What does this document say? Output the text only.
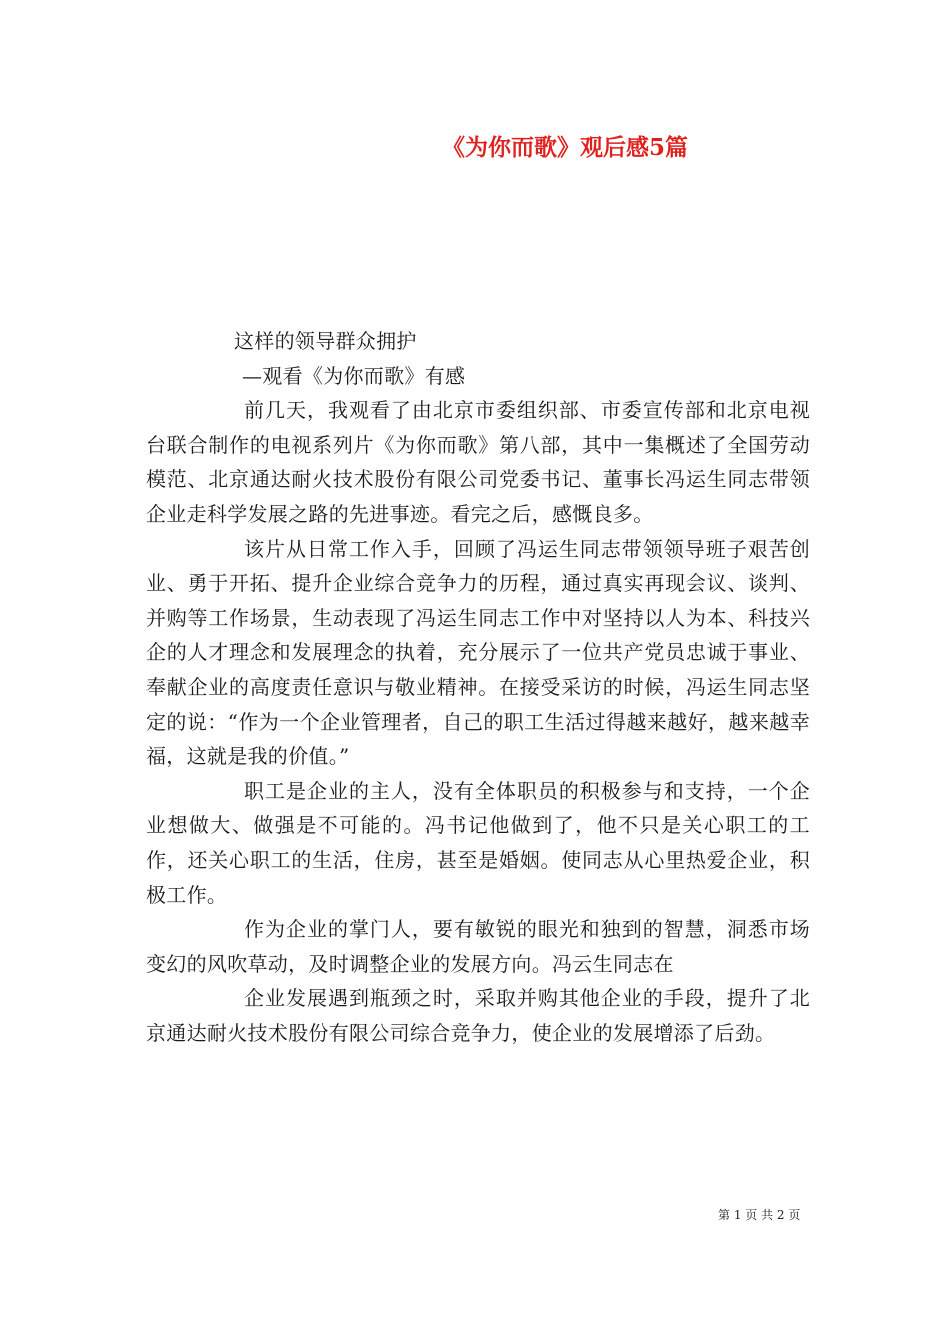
《为你而歌》观后感5篇

这样的领导群众拥护

—观看《为你而歌》有感

前几天，我观看了由北京市委组织部、市委宣传部和北京电视台联合制作的电视系列片《为你而歌》第八部，其中一集概述了全国劳动模范、北京通达耐火技术股份有限公司党委书记、董事长冯运生同志带领企业走科学发展之路的先进事迹。看完之后，感慨良多。

该片从日常工作入手，回顾了冯运生同志带领领导班子艰苦创业、勇于开拓、提升企业综合竞争力的历程，通过真实再现会议、谈判、并购等工作场景，生动表现了冯运生同志工作中对坚持以人为本、科技兴企的人才理念和发展理念的执着，充分展示了一位共产党员忠诚于事业、奉献企业的高度责任意识与敬业精神。在接受采访的时候，冯运生同志坚定的说：“作为一个企业管理者，自己的职工生活过得越来越好，越来越幸福，这就是我的价值。”

职工是企业的主人，没有全体职员的积极参与和支持，一个企业想做大、做强是不可能的。冯书记他做到了，他不只是关心职工的工作，还关心职工的生活，住房，甚至是婚姻。使同志从心里热爱企业，积极工作。

作为企业的掌门人，要有敏锐的眼光和独到的智慧，洞悉市场变幻的风吹草动，及时调整企业的发展方向。冯云生同志在

企业发展遇到瓶颈之时，采取并购其他企业的手段，提升了北京通达耐火技术股份有限公司综合竞争力，使企业的发展增添了后劲。

第 1 页 共 2 页
